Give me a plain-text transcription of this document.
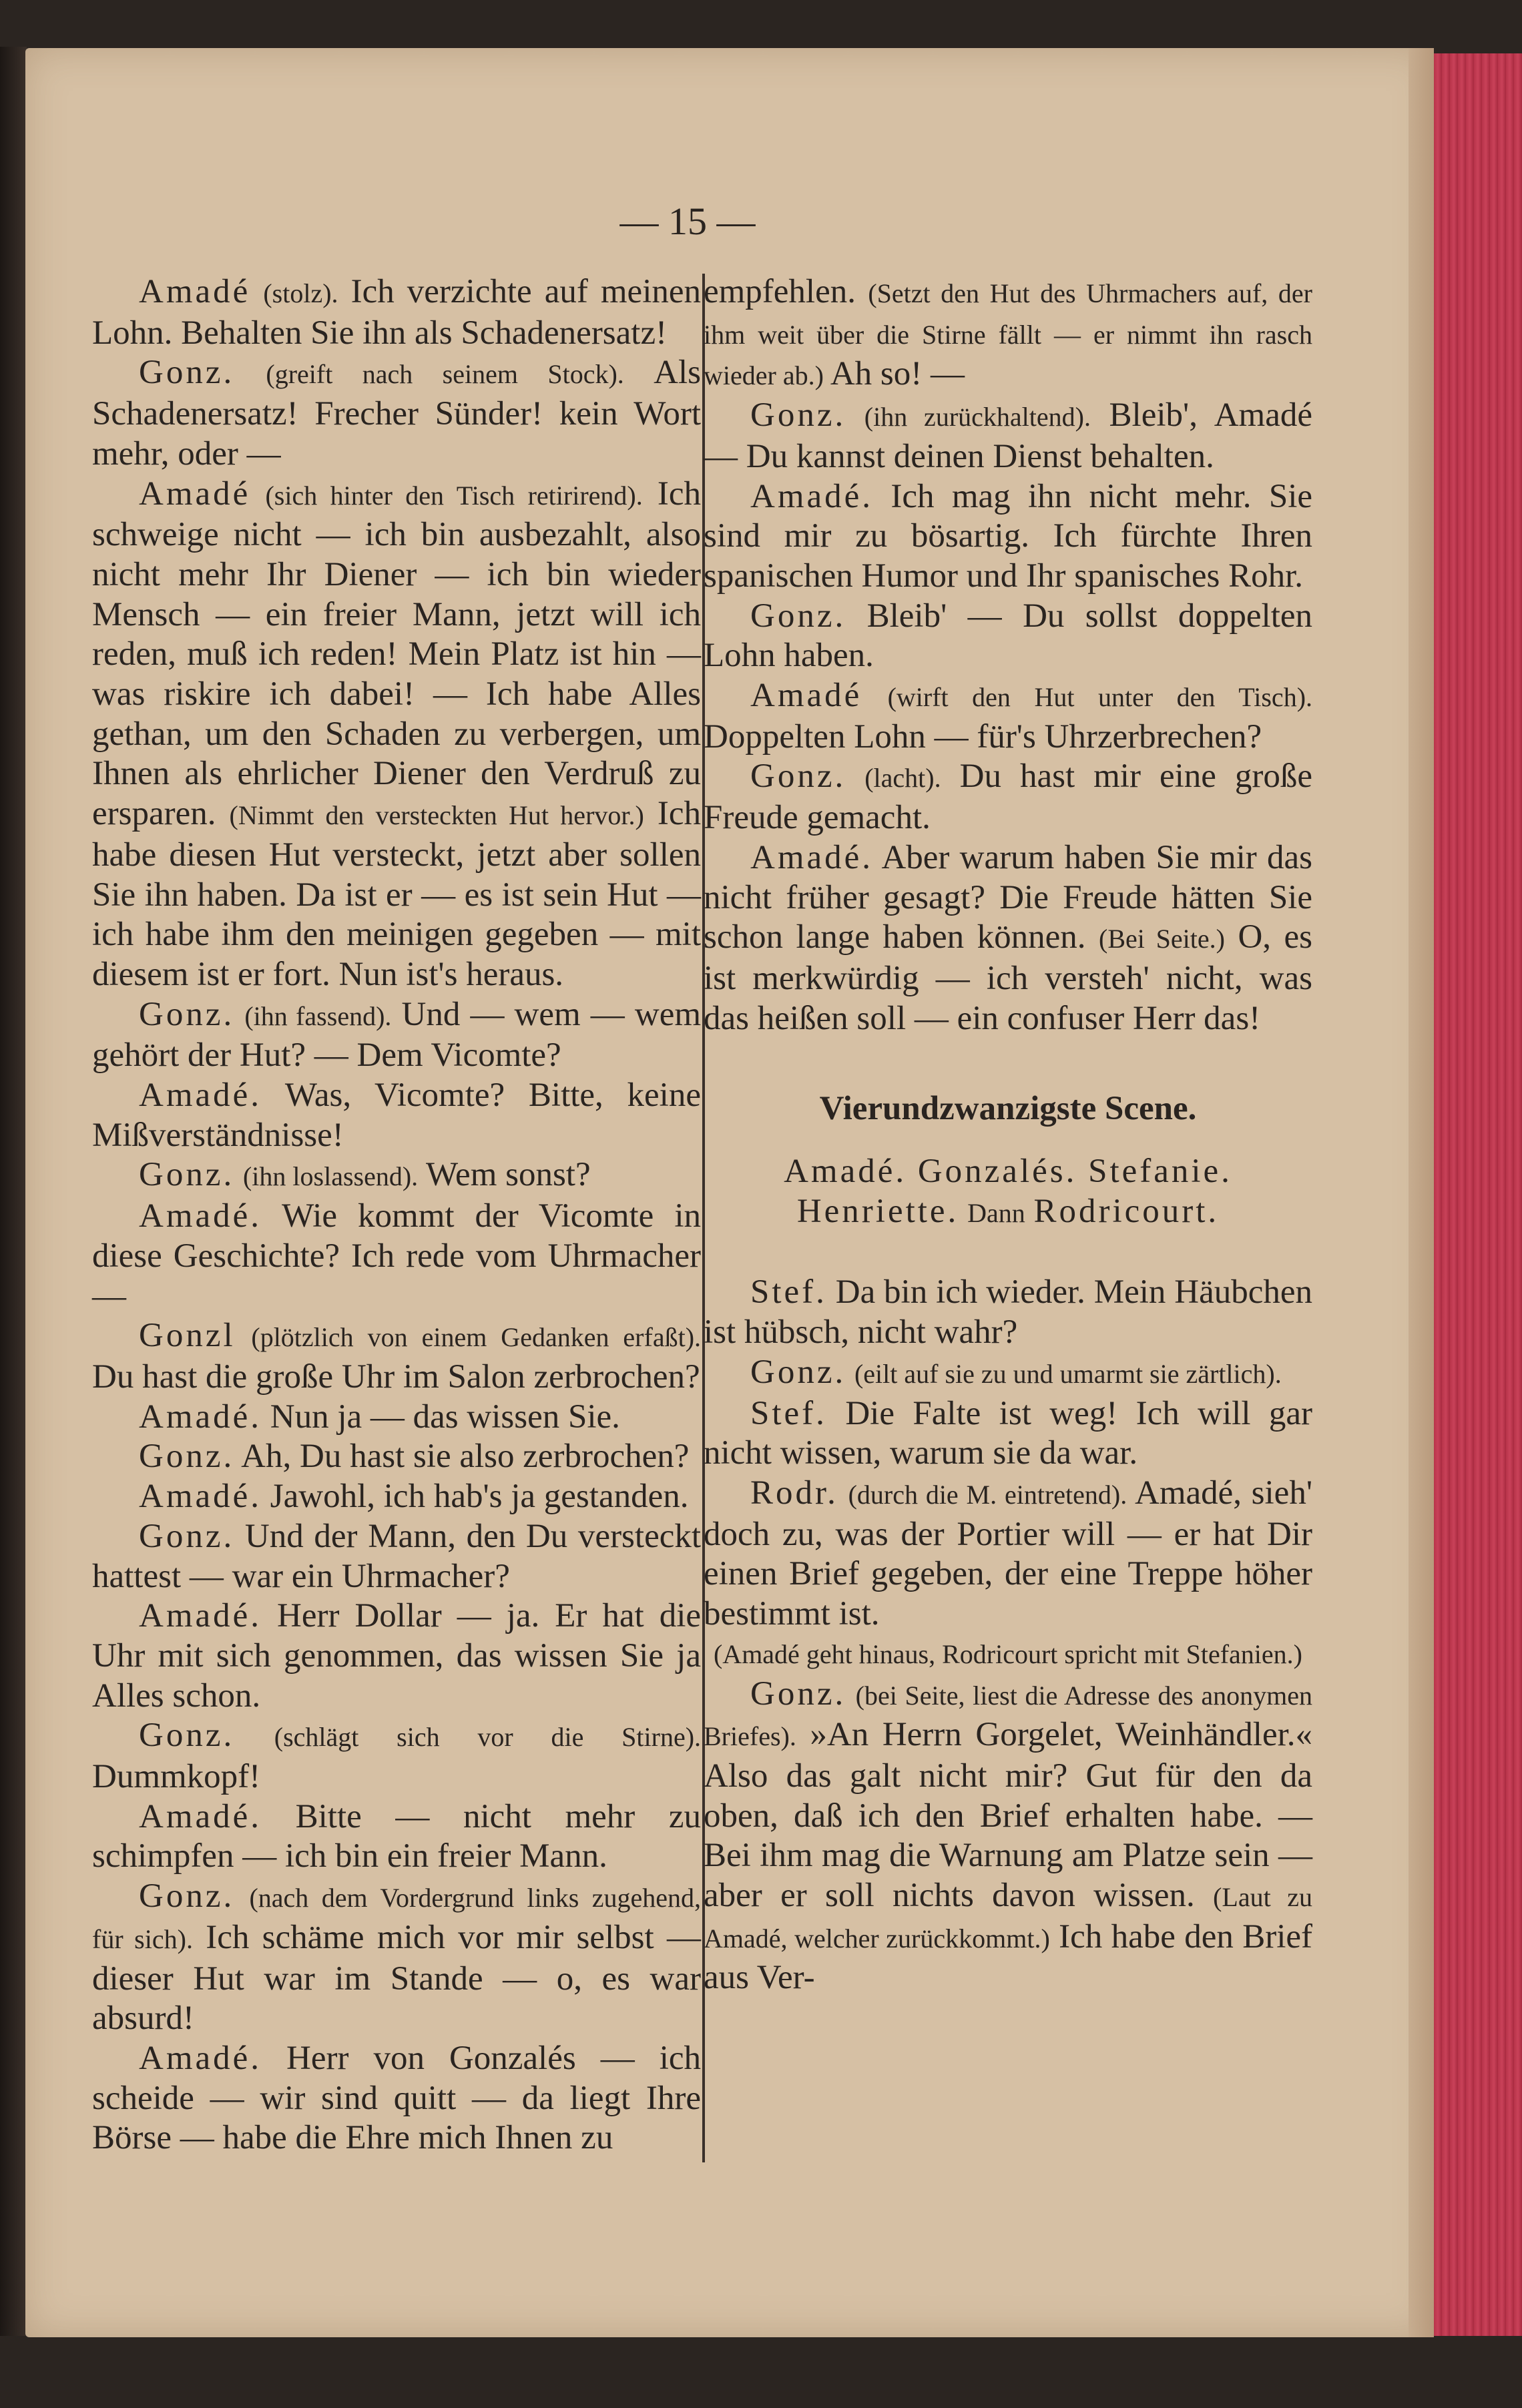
— 15 —

Amadé (stolz). Ich verzichte auf meinen Lohn. Behalten Sie ihn als Schadenersatz!

Gonz. (greift nach seinem Stock). Als Schadenersatz! Frecher Sünder! kein Wort mehr, oder —

Amadé (sich hinter den Tisch retirirend). Ich schweige nicht — ich bin ausbezahlt, also nicht mehr Ihr Diener — ich bin wieder Mensch — ein freier Mann, jetzt will ich reden, muß ich reden! Mein Platz ist hin — was riskire ich dabei! — Ich habe Alles gethan, um den Schaden zu verbergen, um Ihnen als ehrlicher Diener den Verdruß zu ersparen. (Nimmt den versteckten Hut hervor.) Ich habe diesen Hut versteckt, jetzt aber sollen Sie ihn haben. Da ist er — es ist sein Hut — ich habe ihm den meinigen gegeben — mit diesem ist er fort. Nun ist's heraus.

Gonz. (ihn fassend). Und — wem — wem gehört der Hut? — Dem Vicomte?

Amadé. Was, Vicomte? Bitte, keine Mißverständnisse!

Gonz. (ihn loslassend). Wem sonst?

Amadé. Wie kommt der Vicomte in diese Geschichte? Ich rede vom Uhrmacher —

Gonzl (plötzlich von einem Gedanken erfaßt). Du hast die große Uhr im Salon zerbrochen?

Amadé. Nun ja — das wissen Sie.

Gonz. Ah, Du hast sie also zerbrochen?

Amadé. Jawohl, ich hab's ja gestanden.

Gonz. Und der Mann, den Du versteckt hattest — war ein Uhrmacher?

Amadé. Herr Dollar — ja. Er hat die Uhr mit sich genommen, das wissen Sie ja Alles schon.

Gonz. (schlägt sich vor die Stirne). Dummkopf!

Amadé. Bitte — nicht mehr zu schimpfen — ich bin ein freier Mann.

Gonz. (nach dem Vordergrund links zugehend, für sich). Ich schäme mich vor mir selbst — dieser Hut war im Stande — o, es war absurd!

Amadé. Herr von Gonzalés — ich scheide — wir sind quitt — da liegt Ihre Börse — habe die Ehre mich Ihnen zu

empfehlen. (Setzt den Hut des Uhrmachers auf, der ihm weit über die Stirne fällt — er nimmt ihn rasch wieder ab.) Ah so! —

Gonz. (ihn zurückhaltend). Bleib', Amadé — Du kannst deinen Dienst behalten.

Amadé. Ich mag ihn nicht mehr. Sie sind mir zu bösartig. Ich fürchte Ihren spanischen Humor und Ihr spanisches Rohr.

Gonz. Bleib' — Du sollst doppelten Lohn haben.

Amadé (wirft den Hut unter den Tisch). Doppelten Lohn — für's Uhrzerbrechen?

Gonz. (lacht). Du hast mir eine große Freude gemacht.

Amadé. Aber warum haben Sie mir das nicht früher gesagt? Die Freude hätten Sie schon lange haben können. (Bei Seite.) O, es ist merkwürdig — ich versteh' nicht, was das heißen soll — ein confuser Herr das!

Vierundzwanzigste Scene.

Amadé. Gonzalés. Stefanie.

Henriette. Dann Rodricourt.

Stef. Da bin ich wieder. Mein Häubchen ist hübsch, nicht wahr?

Gonz. (eilt auf sie zu und umarmt sie zärtlich).

Stef. Die Falte ist weg! Ich will gar nicht wissen, warum sie da war.

Rodr. (durch die M. eintretend). Amadé, sieh' doch zu, was der Portier will — er hat Dir einen Brief gegeben, der eine Treppe höher bestimmt ist.

(Amadé geht hinaus, Rodricourt spricht mit Stefanien.)

Gonz. (bei Seite, liest die Adresse des anonymen Briefes). »An Herrn Gorgelet, Weinhändler.« Also das galt nicht mir? Gut für den da oben, daß ich den Brief erhalten habe. — Bei ihm mag die Warnung am Platze sein — aber er soll nichts davon wissen. (Laut zu Amadé, welcher zurückkommt.) Ich habe den Brief aus Ver-
